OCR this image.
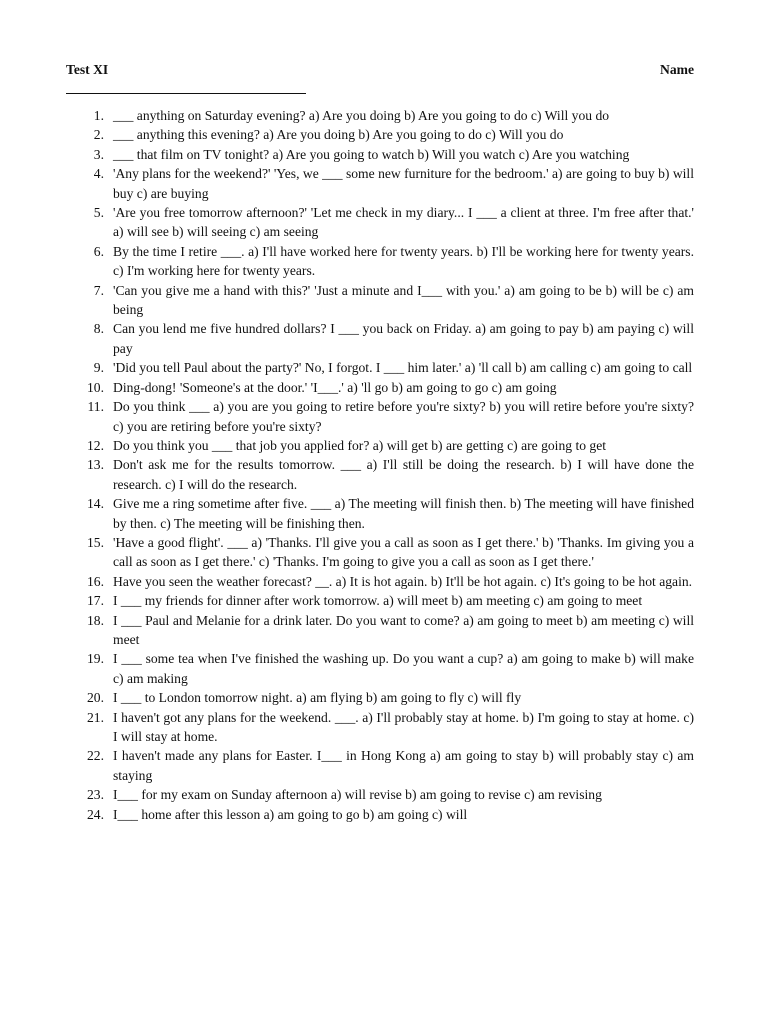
Test XI	Name
1. ___ anything on Saturday evening? a) Are you doing b) Are you going to do c) Will you do
2. ___ anything this evening? a) Are you doing b) Are you going to do c) Will you do
3. ___ that film on TV tonight? a) Are you going to watch b) Will you watch c) Are you watching
4. 'Any plans for the weekend?' 'Yes, we ___ some new furniture for the bedroom.' a) are going to buy b) will buy c) are buying
5. 'Are you free tomorrow afternoon?' 'Let me check in my diary... I ___ a client at three. I'm free after that.' a) will see b) will seeing c) am seeing
6. By the time I retire ___. a) I'll have worked here for twenty years. b) I'll be working here for twenty years. c) I'm working here for twenty years.
7. 'Can you give me a hand with this?' 'Just a minute and I___ with you.' a) am going to be b) will be c) am being
8. Can you lend me five hundred dollars? I ___ you back on Friday. a) am going to pay b) am paying c) will pay
9. 'Did you tell Paul about the party?' No, I forgot. I ___ him later.' a) 'll call b) am calling c) am going to call
10. Ding-dong! 'Someone's at the door.' 'I___.' a) 'll go b) am going to go c) am going
11. Do you think ___ a) you are you going to retire before you're sixty? b) you will retire before you're sixty? c) you are retiring before you're sixty?
12. Do you think you ___ that job you applied for? a) will get b) are getting c) are going to get
13. Don't ask me for the results tomorrow. ___ a) I'll still be doing the research. b) I will have done the research. c) I will do the research.
14. Give me a ring sometime after five. ___ a) The meeting will finish then. b) The meeting will have finished by then. c) The meeting will be finishing then.
15. 'Have a good flight'. ___ a) 'Thanks. I'll give you a call as soon as I get there.' b) 'Thanks. Im giving you a call as soon as I get there.' c) 'Thanks. I'm going to give you a call as soon as I get there.'
16. Have you seen the weather forecast? __. a) It is hot again. b) It'll be hot again. c) It's going to be hot again.
17. I ___ my friends for dinner after work tomorrow. a) will meet b) am meeting c) am going to meet
18. I ___ Paul and Melanie for a drink later. Do you want to come? a) am going to meet b) am meeting c) will meet
19. I ___ some tea when I've finished the washing up. Do you want a cup? a) am going to make b) will make c) am making
20. I ___ to London tomorrow night. a) am flying b) am going to fly c) will fly
21. I haven't got any plans for the weekend. ___. a) I'll probably stay at home. b) I'm going to stay at home. c) I will stay at home.
22. I haven't made any plans for Easter. I___ in Hong Kong a) am going to stay b) will probably stay c) am staying
23. I___ for my exam on Sunday afternoon a) will revise b) am going to revise c) am revising
24. I___ home after this lesson a) am going to go b) am going c) will
